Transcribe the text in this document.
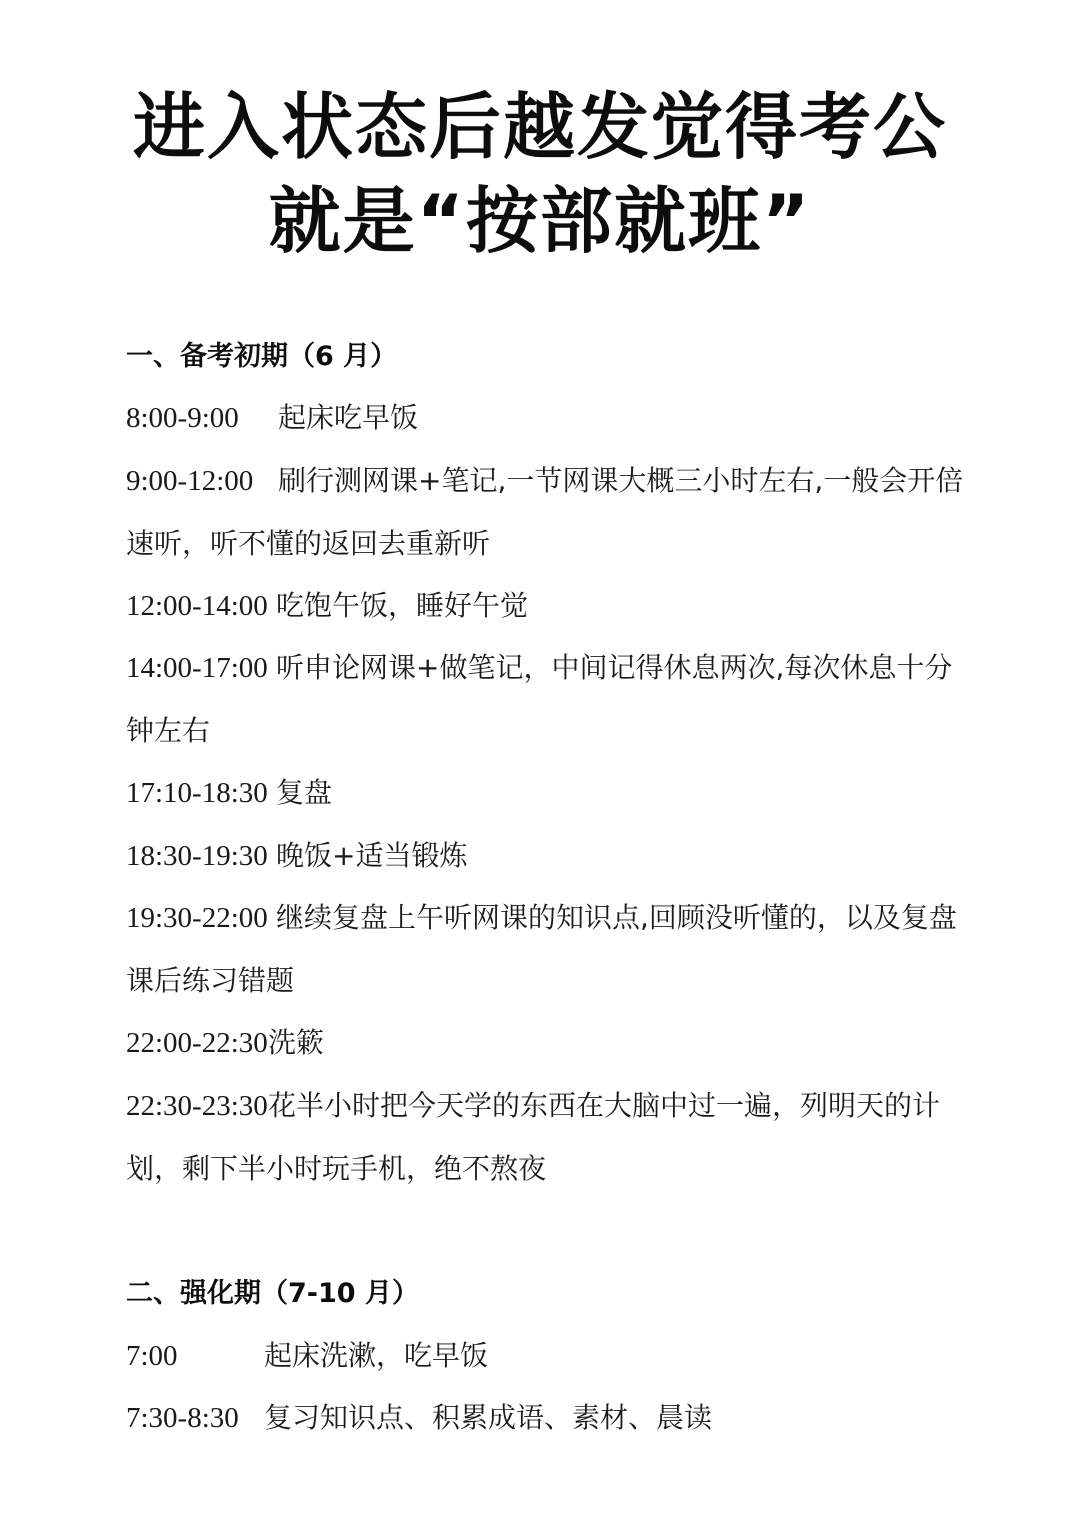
进入状态后越发觉得考公
就是“按部就班”
一、备考初期（6 月）
8:00-9:00 起床吃早饭
9:00-12:00 刷行测网课+笔记,一节网课大概三小时左右,一般会开倍速听，听不懂的返回去重新听
12:00-14:00 吃饱午饭，睡好午觉
14:00-17:00 听申论网课+做笔记，中间记得休息两次,每次休息十分钟左右
17:10-18:30 复盘
18:30-19:30 晚饭+适当锻炼
19:30-22:00 继续复盘上午听网课的知识点,回顾没听懂的，以及复盘课后练习错题
22:00-22:30洗簌
22:30-23:30花半小时把今天学的东西在大脑中过一遍，列明天的计划，剩下半小时玩手机，绝不熬夜
二、强化期（7-10 月）
7:00	起床洗漱，吃早饭
7:30-8:30 复习知识点、积累成语、素材、晨读
